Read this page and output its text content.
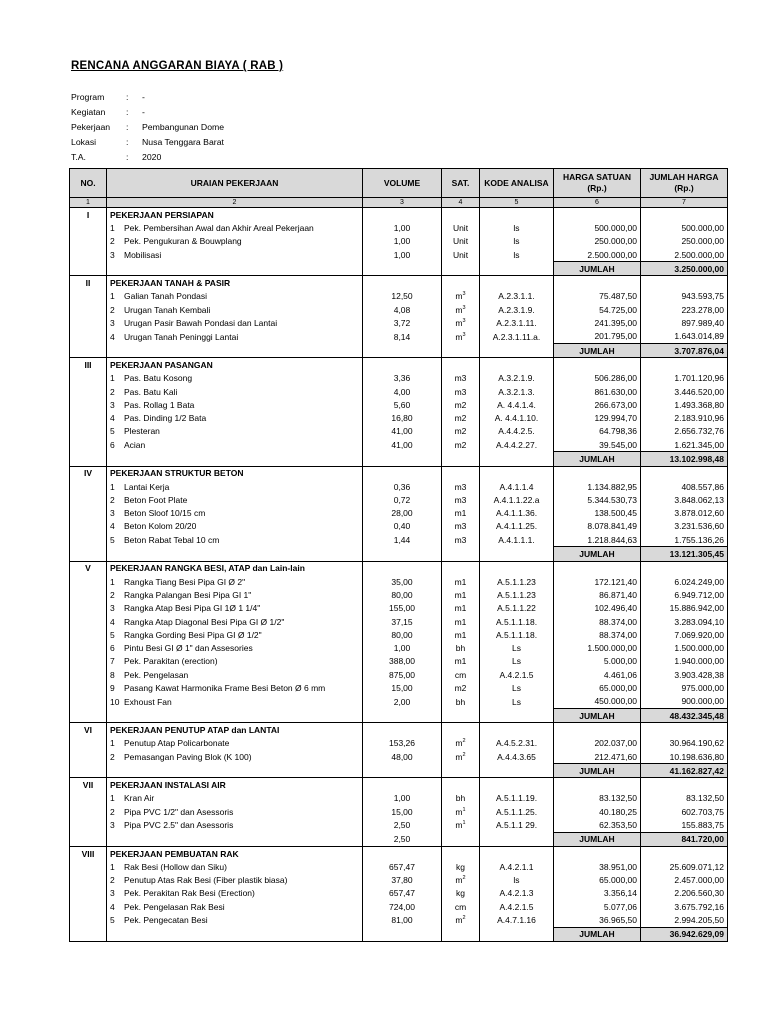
RENCANA ANGGARAN BIAYA ( RAB )
Program	:	-
Kegiatan	:	-
Pekerjaan	:	Pembangunan Dome
Lokasi	:	Nusa Tenggara Barat
T.A.	:	2020
NO.	URAIAN PEKERJAAN	VOLUME	SAT.	KODE ANALISA	HARGA SATUAN (Rp.)	JUMLAH HARGA (Rp.)
1	2	3	4	5	6	7
I	PEKERJAAN PERSIAPAN					
	1 Pek. Pembersihan Awal dan Akhir Areal Pekerjaan	1,00	Unit	ls	500.000,00	500.000,00
	2 Pek. Pengukuran & Bouwplang	1,00	Unit	ls	250.000,00	250.000,00
	3 Mobilisasi	1,00	Unit	ls	2.500.000,00	2.500.000,00
					JUMLAH	3.250.000,00
II	PEKERJAAN TANAH & PASIR					
	1 Galian Tanah Pondasi	12,50	$m^3$	A.2.3.1.1.	75.487,50	943.593,75
	2 Urugan Tanah Kembali	4,08	$m^3$	A.2.3.1.9.	54.725,00	223.278,00
	3 Urugan Pasir Bawah Pondasi dan Lantai	3,72	$m^3$	A.2.3.1.11.	241.395,00	897.989,40
	4 Urugan Tanah Peninggi Lantai	8,14	$m^3$	A.2.3.1.11.a.	201.795,00	1.643.014,89
					JUMLAH	3.707.876,04
III	PEKERJAAN PASANGAN					
	1 Pas. Batu Kosong	3,36	m3	A.3.2.1.9.	506.286,00	1.701.120,96
	2 Pas. Batu Kali	4,00	m3	A.3.2.1.3.	861.630,00	3.446.520,00
	3 Pas. Rollag 1 Bata	5,60	m2	A. 4.4.1.4.	266.673,00	1.493.368,80
	4 Pas. Dinding 1/2 Bata	16,80	m2	A. 4.4.1.10.	129.994,70	2.183.910,96
	5 Plesteran	41,00	m2	A.4.4.2.5.	64.798,36	2.656.732,76
	6 Acian	41,00	m2	A.4.4.2.27.	39.545,00	1.621.345,00
					JUMLAH	13.102.998,48
IV	PEKERJAAN STRUKTUR BETON					
	1 Lantai Kerja	0,36	m3	A.4.1.1.4	1.134.882,95	408.557,86
	2 Beton Foot Plate	0,72	m3	A.4.1.1.22.a	5.344.530,73	3.848.062,13
	3 Beton Sloof 10/15 cm	28,00	m1	A.4.1.1.36.	138.500,45	3.878.012,60
	4 Beton Kolom 20/20	0,40	m3	A.4.1.1.25.	8.078.841,49	3.231.536,60
	5 Beton Rabat Tebal 10 cm	1,44	m3	A.4.1.1.1.	1.218.844,63	1.755.136,26
					JUMLAH	13.121.305,45
V	PEKERJAAN RANGKA BESI, ATAP dan Lain-lain					
	1 Rangka Tiang Besi Pipa GI Ø 2"	35,00	m1	A.5.1.1.23	172.121,40	6.024.249,00
	2 Rangka Palangan Besi Pipa GI 1"	80,00	m1	A.5.1.1.23	86.871,40	6.949.712,00
	3 Rangka Atap Besi Pipa GI 1Ø 1 1/4"	155,00	m1	A.5.1.1.22	102.496,40	15.886.942,00
	4 Rangka Atap Diagonal Besi Pipa GI Ø 1/2"	37,15	m1	A.5.1.1.18.	88.374,00	3.283.094,10
	5 Rangka Gording Besi Pipa GI Ø 1/2"	80,00	m1	A.5.1.1.18.	88.374,00	7.069.920,00
	6 Pintu Besi GI Ø 1" dan Assesories	1,00	bh	Ls	1.500.000,00	1.500.000,00
	7 Pek. Parakitan (erection)	388,00	m1	Ls	5.000,00	1.940.000,00
	8 Pek. Pengelasan	875,00	cm	A.4.2.1.5	4.461,06	3.903.428,38
	9 Pasang Kawat Harmonika Frame Besi Beton Ø 6 mm	15,00	m2	Ls	65.000,00	975.000,00
	10 Exhoust Fan	2,00	bh	Ls	450.000,00	900.000,00
					JUMLAH	48.432.345,48
VI	PEKERJAAN PENUTUP ATAP dan LANTAI					
	1 Penutup Atap Policarbonate	153,26	$m^2$	A.4.5.2.31.	202.037,00	30.964.190,62
	2 Pemasangan Paving Blok (K 100)	48,00	$m^2$	A.4.4.3.65	212.471,60	10.198.636,80
					JUMLAH	41.162.827,42
VII	PEKERJAAN INSTALASI AIR					
	1 Kran Air	1,00	bh	A.5.1.1.19.	83.132,50	83.132,50
	2 Pipa PVC 1/2" dan Asessoris	15,00	$m^1$	A.5.1.1.25.	40.180,25	602.703,75
	3 Pipa PVC 2.5" dan Asessoris	2,50	$m^1$	A.5.1.1 29.	62.353,50	155.883,75
		2,50			JUMLAH	841.720,00
VIII	PEKERJAAN PEMBUATAN RAK					
	1 Rak Besi (Hollow dan Siku)	657,47	kg	A.4.2.1.1	38.951,00	25.609.071,12
	2 Penutup Atas Rak Besi (Fiber plastik biasa)	37,80	$m^2$	ls	65.000,00	2.457.000,00
	3 Pek. Perakitan Rak Besi (Erection)	657,47	kg	A.4.2.1.3	3.356,14	2.206.560,30
	4 Pek. Pengelasan Rak Besi	724,00	cm	A.4.2.1.5	5.077,06	3.675.792,16
	5 Pek. Pengecatan Besi	81,00	$m^2$	A.4.7.1.16	36.965,50	2.994.205,50
					JUMLAH	36.942.629,09
